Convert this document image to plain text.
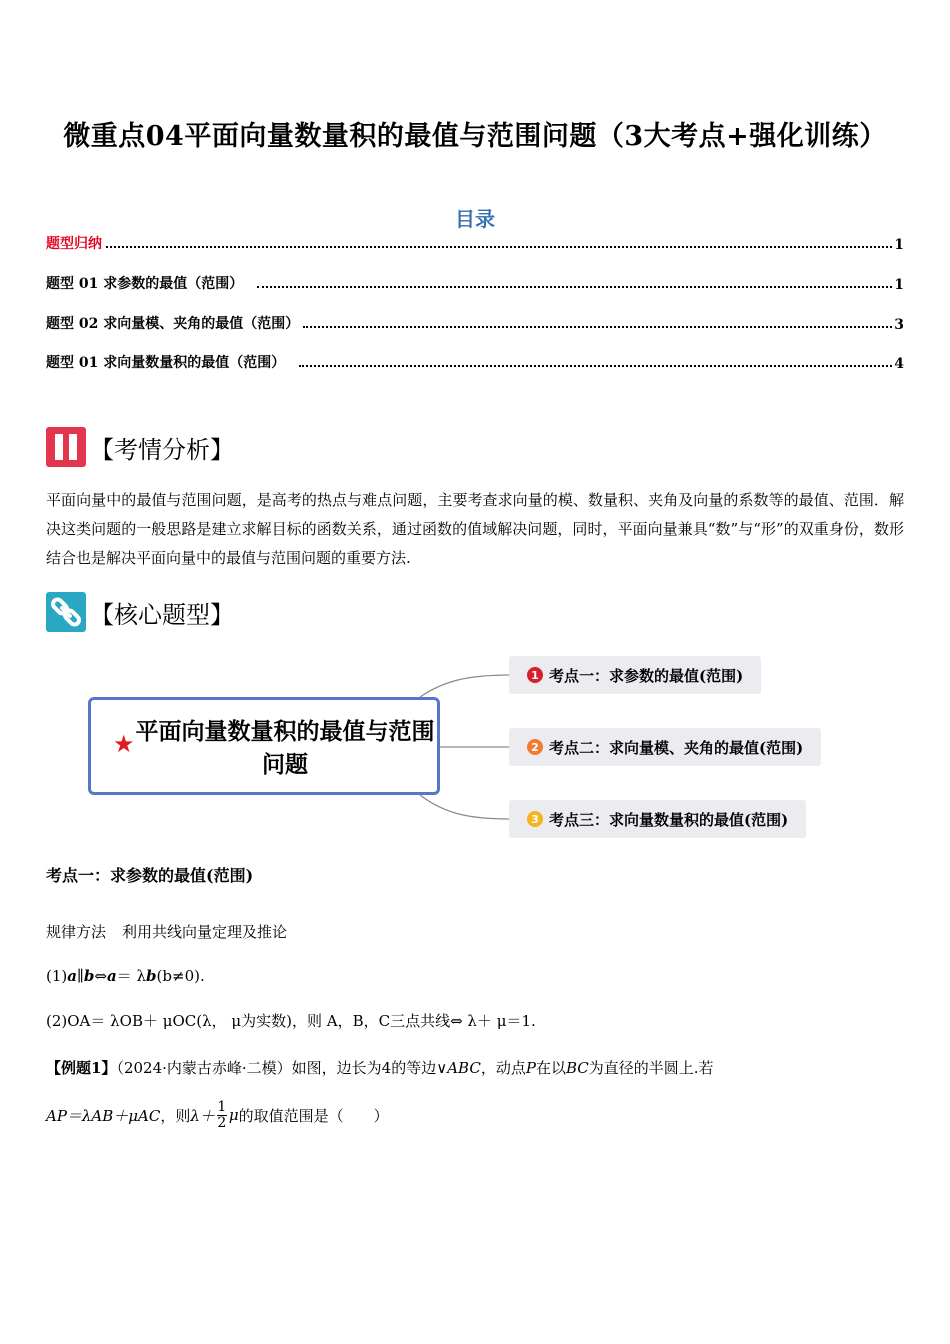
微重点04平面向量数量积的最值与范围问题（3大考点+强化训练）
目录
题型归纳	1
题型 01 求参数的最值（范围）	1
题型 02 求向量模、夹角的最值（范围）	3
题型 01 求向量数量积的最值（范围）	4
【考情分析】
平面向量中的最值与范围问题，是高考的热点与难点问题，主要考查求向量的模、数量积、夹角及向量的系数等的最值、范围．解决这类问题的一般思路是建立求解目标的函数关系，通过函数的值域解决问题，同时，平面向量兼具“数”与“形”的双重身份，数形结合也是解决平面向量中的最值与范围问题的重要方法.
【核心题型】
★ 平面向量数量积的最值与范围问题
1 考点一：求参数的最值(范围)
2 考点二：求向量模、夹角的最值(范围)
3 考点三：求向量数量积的最值(范围)
考点一：求参数的最值(范围)
规律方法 利用共线向量定理及推论
(1)a∥b⇔a＝ λb(b≠0).
(2)OA＝ λOB＋ μOC(λ， μ为实数)，则 A，B，C三点共线⇔ λ＋ μ＝1.
【例题1】（2024·内蒙古赤峰·二模）如图，边长为4的等边∨ABC，动点P在以BC为直径的半圆上.若
AP＝λAB＋μAC ，则 $\lambda+ \frac{1}{2}$ μ 的取值范围是（　　）
